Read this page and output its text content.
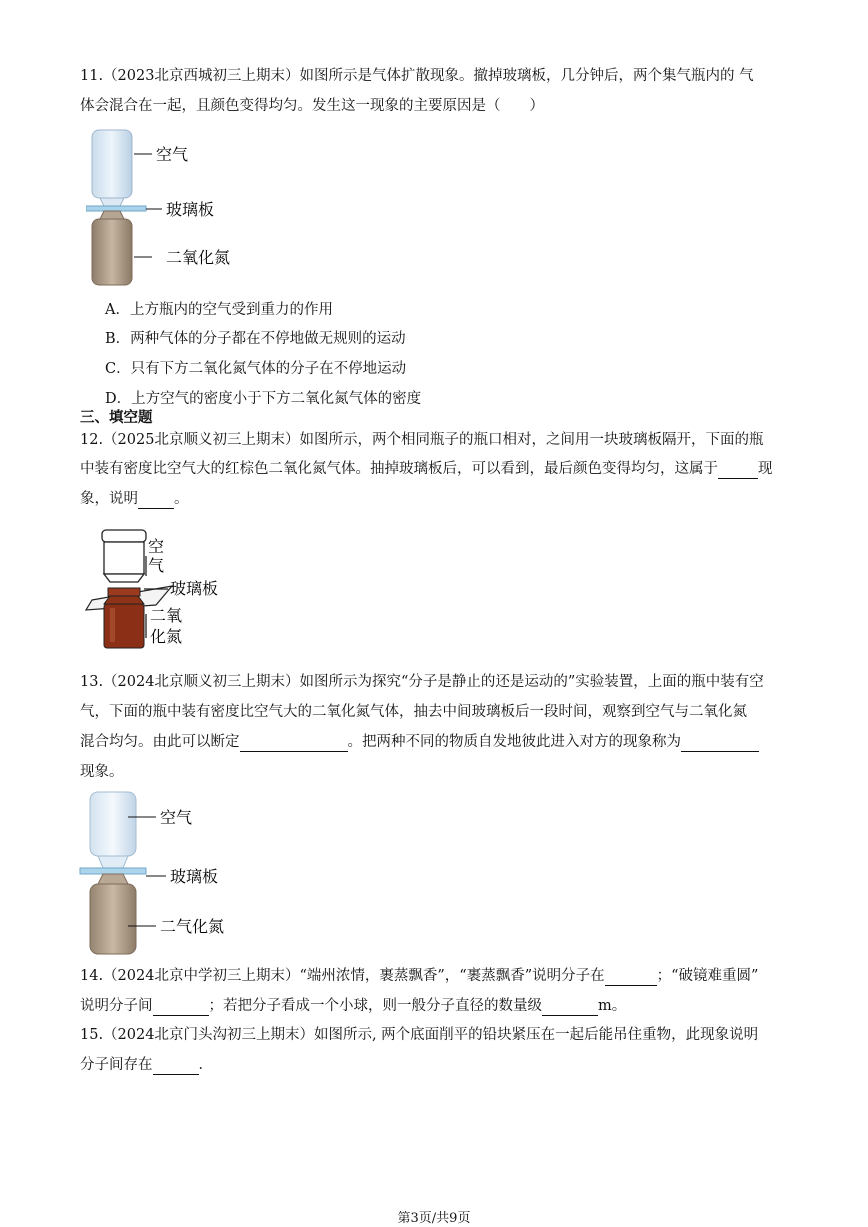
11.（2023北京西城初三上期末）如图所示是气体扩散现象。撤掉玻璃板，几分钟后，两个集气瓶内的 气
体会混合在一起，且颜色变得均匀。发生这一现象的主要原因是（　　）
空气
玻璃板
二氧化氮
A．上方瓶内的空气受到重力的作用
B．两种气体的分子都在不停地做无规则的运动
C．只有下方二氧化氮气体的分子在不停地运动
D．上方空气的密度小于下方二氧化氮气体的密度
三、填空题
12.（2025北京顺义初三上期末）如图所示，两个相同瓶子的瓶口相对，之间用一块玻璃板隔开，下面的瓶
中装有密度比空气大的红棕色二氧化氮气体。抽掉玻璃板后，可以看到，最后颜色变得均匀，这属于	现
象，说明 。
空
气
玻璃板
二氧
化氮
13.（2024北京顺义初三上期末）如图所示为探究“分子是静止的还是运动的”实验装置，上面的瓶中装有空
气，下面的瓶中装有密度比空气大的二氧化氮气体，抽去中间玻璃板后一段时间，观察到空气与二氧化氮
混合均匀。由此可以断定	。把两种不同的物质自发地彼此进入对方的现象称为
现象。
空气
玻璃板
二气化氮
14.（2024北京中学初三上期末）“端州浓情，裹蒸飘香”，“裹蒸飘香”说明分子在	；“破镜难重圆”
说明分子间	；若把分子看成一个小球，则一般分子直径的数量级	m。
15.（2024北京门头沟初三上期末）如图所示, 两个底面削平的铅块紧压在一起后能吊住重物，此现象说明
分子间存在	．
第3页/共9页
